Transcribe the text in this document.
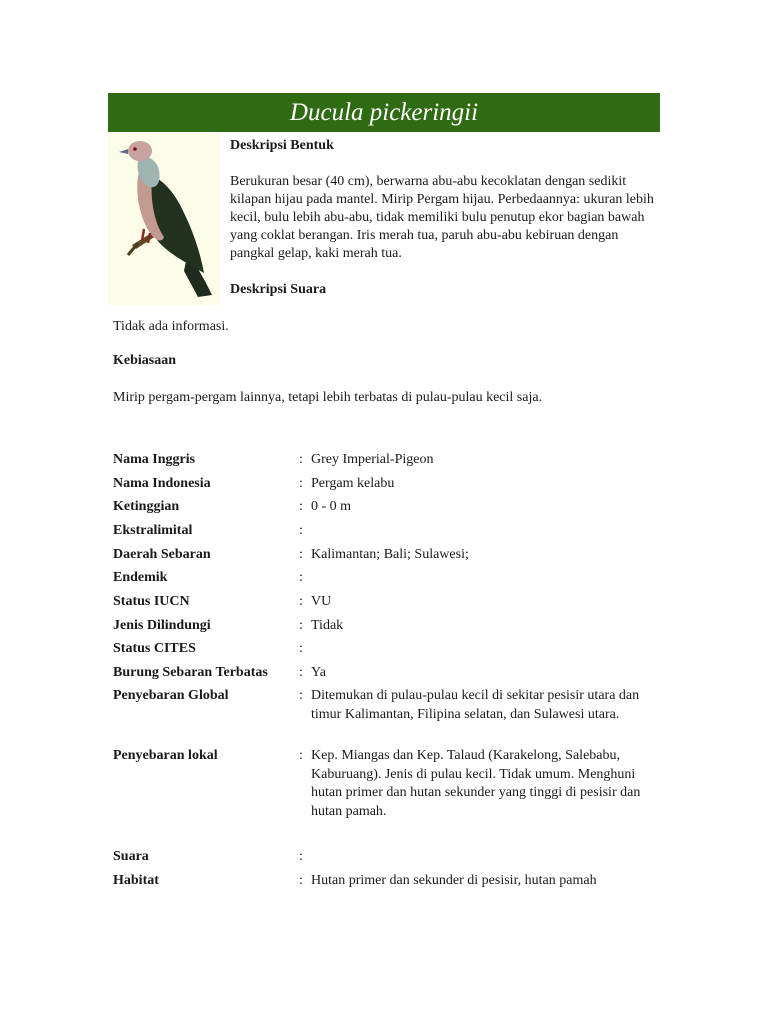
Ducula pickeringii
Deskripsi Bentuk
Berukuran besar (40 cm), berwarna abu-abu kecoklatan dengan sedikit kilapan hijau pada mantel. Mirip Pergam hijau. Perbedaannya: ukuran lebih kecil, bulu lebih abu-abu, tidak memiliki bulu penutup ekor bagian bawah yang coklat berangan. Iris merah tua, paruh abu-abu kebiruan dengan pangkal gelap, kaki merah tua.
Deskripsi Suara
Tidak ada informasi.
Kebiasaan
Mirip pergam-pergam lainnya, tetapi lebih terbatas di pulau-pulau kecil saja.
Nama Inggris	: Grey Imperial-Pigeon
Nama Indonesia	: Pergam kelabu
Ketinggian	: 0 - 0 m
Ekstralimital	:
Daerah Sebaran	: Kalimantan; Bali; Sulawesi;
Endemik	:
Status IUCN	: VU
Jenis Dilindungi	: Tidak
Status CITES	:
Burung Sebaran Terbatas	: Ya
Penyebaran Global	: Ditemukan di pulau-pulau kecil di sekitar pesisir utara dan timur Kalimantan, Filipina selatan, dan Sulawesi utara.
Penyebaran lokal	: Kep. Miangas dan Kep. Talaud (Karakelong, Salebabu, Kaburuang). Jenis di pulau kecil. Tidak umum. Menghuni hutan primer dan hutan sekunder yang tinggi di pesisir dan hutan pamah.
Suara	:
Habitat	: Hutan primer dan sekunder di pesisir, hutan pamah
